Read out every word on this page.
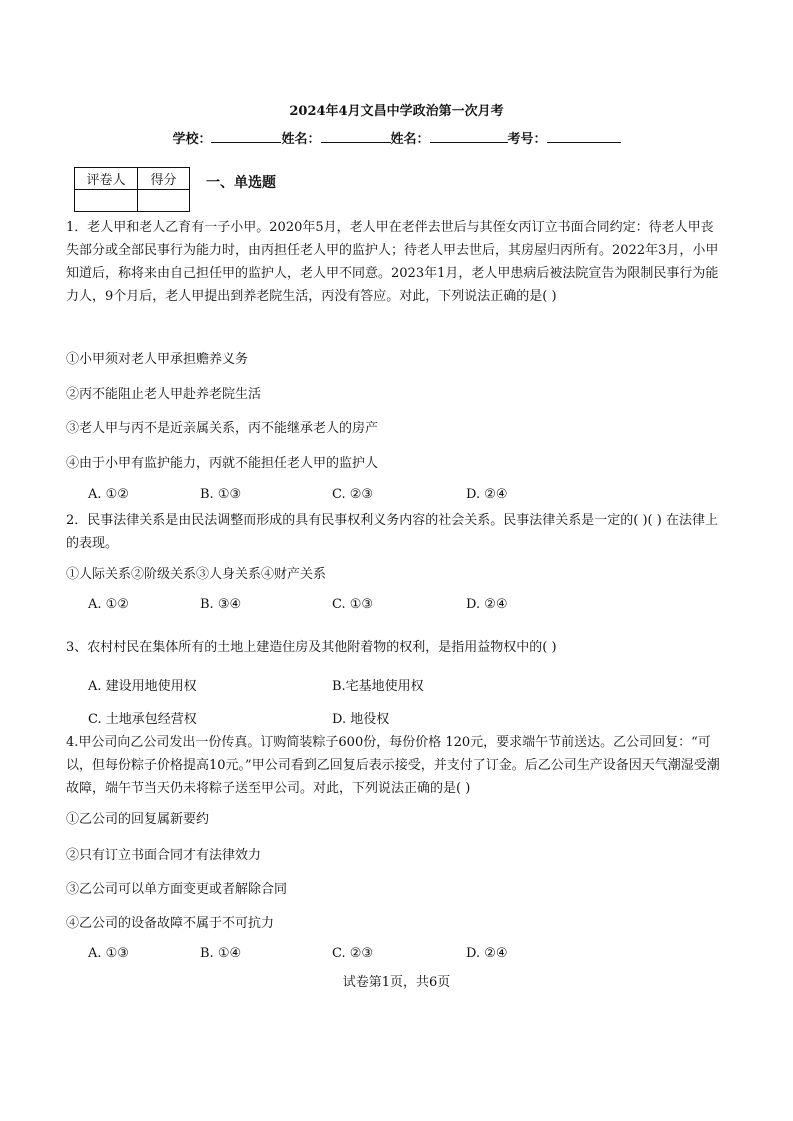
2024年4月文昌中学政治第一次月考
学校：	姓名：	姓名：	考号：
评卷人	得分
	一、单选题
1．老人甲和老人乙育有一子小甲。2020年5月，老人甲在老伴去世后与其侄女丙订立书面合同约定：待老人甲丧失部分或全部民事行为能力时，由丙担任老人甲的监护人；待老人甲去世后，其房屋归丙所有。2022年3月，小甲知道后，称将来由自己担任甲的监护人，老人甲不同意。2023年1月，老人甲患病后被法院宣告为限制民事行为能力人，9个月后，老人甲提出到养老院生活，丙没有答应。对此，下列说法正确的是( )
①小甲须对老人甲承担赡养义务
②丙不能阻止老人甲赴养老院生活
③老人甲与丙不是近亲属关系，丙不能继承老人的房产
④由于小甲有监护能力，丙就不能担任老人甲的监护人
A. ①②	B. ①③	C. ②③	D. ②④
2．民事法律关系是由民法调整而形成的具有民事权利义务内容的社会关系。民事法律关系是一定的( )( ) 在法律上的表现。
①人际关系②阶级关系③人身关系④财产关系
A. ①②	B. ③④	C. ①③	D. ②④
3、农村村民在集体所有的土地上建造住房及其他附着物的权利，是指用益物权中的( )
A. 建设用地使用权	B.宅基地使用权
C. 土地承包经营权	D. 地役权
4.甲公司向乙公司发出一份传真。订购简装粽子600份，每份价格 120元，要求端午节前送达。乙公司回复：“可以，但每份粽子价格提高10元。”甲公司看到乙回复后表示接受，并支付了订金。后乙公司生产设备因天气潮湿受潮故障，端午节当天仍未将粽子送至甲公司。对此，下列说法正确的是( )
①乙公司的回复属新要约
②只有订立书面合同才有法律效力
③乙公司可以单方面变更或者解除合同
④乙公司的设备故障不属于不可抗力
A. ①③	B. ①④	C. ②③	D. ②④
试卷第1页，共6页
